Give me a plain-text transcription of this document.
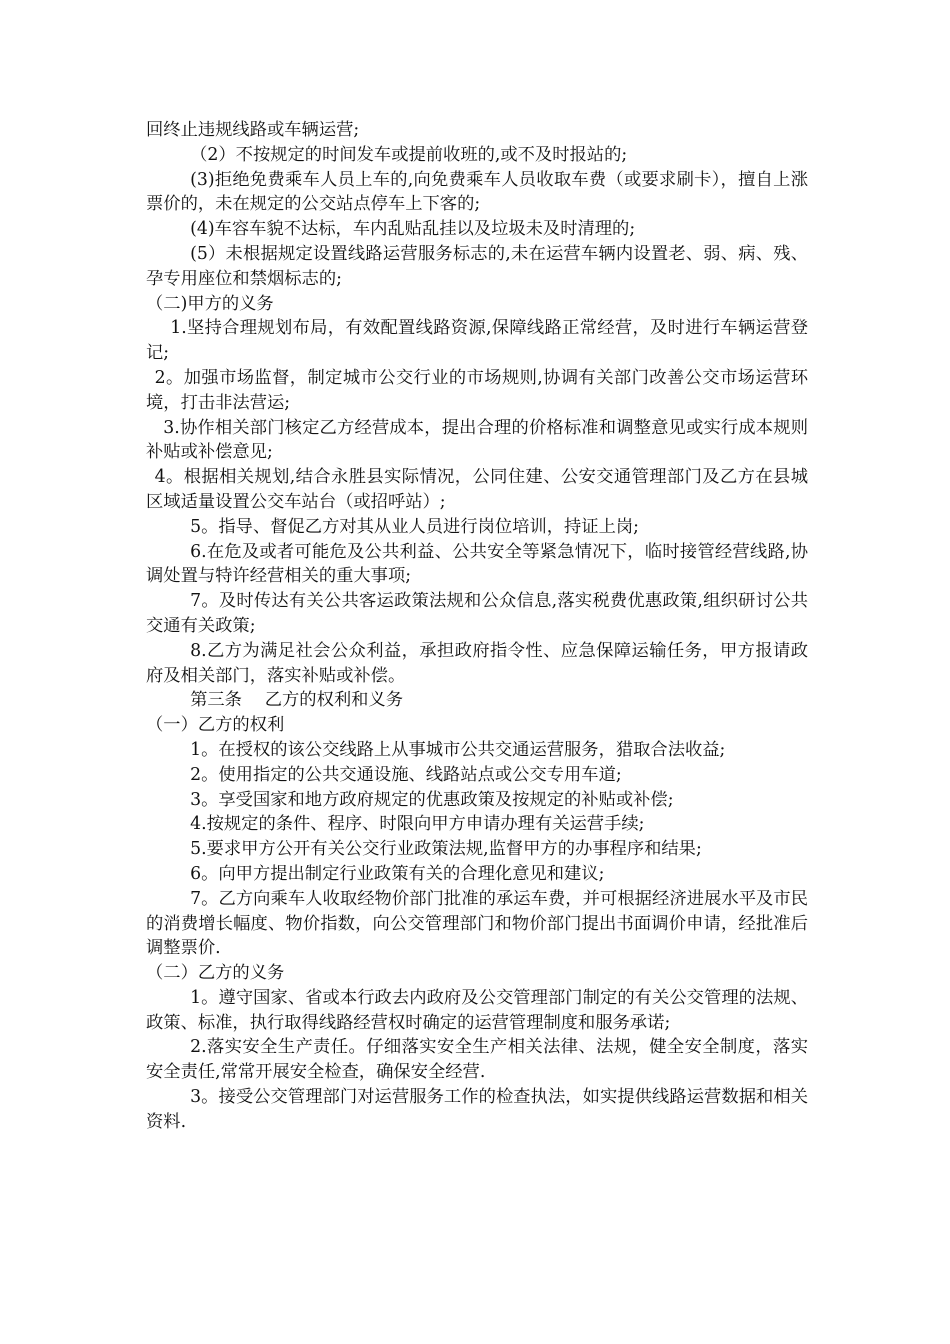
回终止违规线路或车辆运营;

（2）不按规定的时间发车或提前收班的,或不及时报站的;

(3)拒绝免费乘车人员上车的,向免费乘车人员收取车费（或要求刷卡），擅自上涨票价的，未在规定的公交站点停车上下客的;

(4)车容车貌不达标，车内乱贴乱挂以及垃圾未及时清理的;

(5）未根据规定设置线路运营服务标志的,未在运营车辆内设置老、弱、病、残、孕专用座位和禁烟标志的;

（二)甲方的义务

1.坚持合理规划布局，有效配置线路资源,保障线路正常经营，及时进行车辆运营登记;

2。加强市场监督，制定城市公交行业的市场规则,协调有关部门改善公交市场运营环境，打击非法营运;

3.协作相关部门核定乙方经营成本，提出合理的价格标准和调整意见或实行成本规则补贴或补偿意见;

4。根据相关规划,结合永胜县实际情况，公同住建、公安交通管理部门及乙方在县城区域适量设置公交车站台（或招呼站）;

5。指导、督促乙方对其从业人员进行岗位培训，持证上岗;

6.在危及或者可能危及公共利益、公共安全等紧急情况下，临时接管经营线路,协调处置与特许经营相关的重大事项;

7。及时传达有关公共客运政策法规和公众信息,落实税费优惠政策,组织研讨公共交通有关政策;

8.乙方为满足社会公众利益，承担政府指令性、应急保障运输任务，甲方报请政府及相关部门，落实补贴或补偿。

第三条　 乙方的权利和义务

（一）乙方的权利

1。在授权的该公交线路上从事城市公共交通运营服务，猎取合法收益;

2。使用指定的公共交通设施、线路站点或公交专用车道;

3。享受国家和地方政府规定的优惠政策及按规定的补贴或补偿;

4.按规定的条件、程序、时限向甲方申请办理有关运营手续;

5.要求甲方公开有关公交行业政策法规,监督甲方的办事程序和结果;

6。向甲方提出制定行业政策有关的合理化意见和建议;

7。乙方向乘车人收取经物价部门批准的承运车费，并可根据经济进展水平及市民的消费增长幅度、物价指数，向公交管理部门和物价部门提出书面调价申请，经批准后调整票价.

（二）乙方的义务

1。遵守国家、省或本行政去内政府及公交管理部门制定的有关公交管理的法规、政策、标准，执行取得线路经营权时确定的运营管理制度和服务承诺;

2.落实安全生产责任。仔细落实安全生产相关法律、法规，健全安全制度，落实安全责任,常常开展安全检查，确保安全经营.

3。接受公交管理部门对运营服务工作的检查执法，如实提供线路运营数据和相关资料.
